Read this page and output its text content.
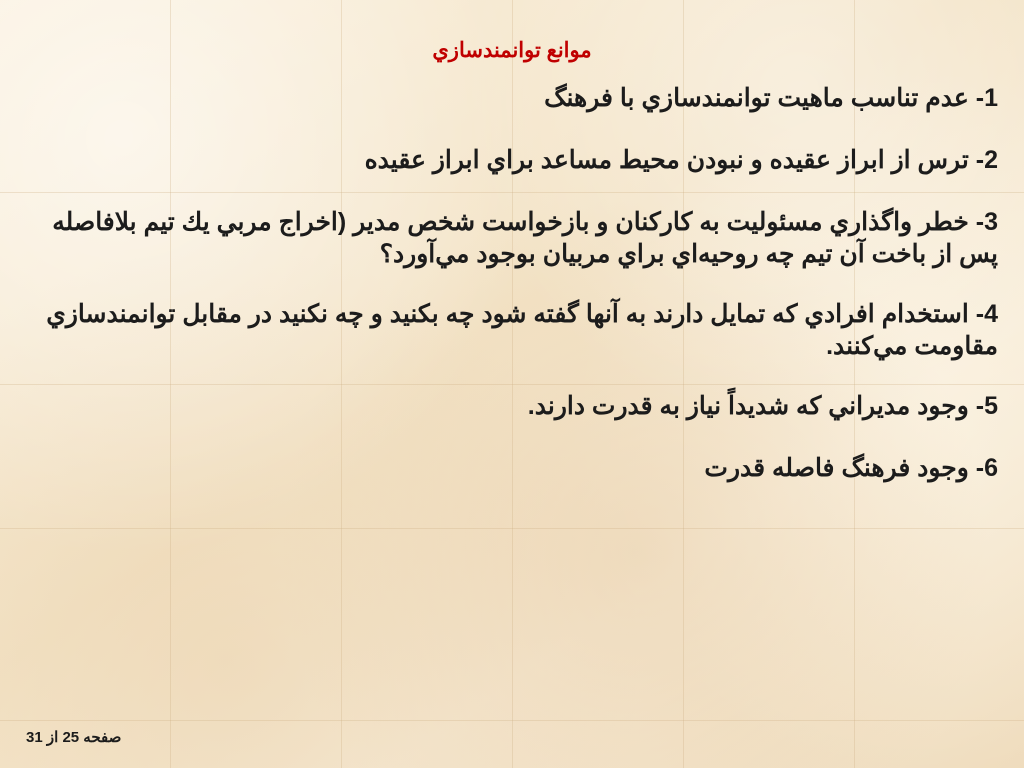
موانع توانمندسازي

1- عدم تناسب ماهيت توانمندسازي با فرهنگ

2- ترس از ابراز عقيده و نبودن محيط مساعد براي ابراز عقيده

3- خطر واگذاري مسئوليت به كاركنان و بازخواست شخص مدير (اخراج مربي يك تيم بلافاصله پس از باخت آن تيم چه روحيه‌اي براي مربيان بوجود مي‌آورد؟

4- استخدام افرادي كه تمايل دارند به آنها گفته شود چه بكنيد و چه نكنيد در مقابل توانمندسازي مقاومت مي‌كنند.

5- وجود مديراني كه شديداً نياز به قدرت دارند.

6- وجود فرهنگ فاصله قدرت

صفحه 25 از 31
